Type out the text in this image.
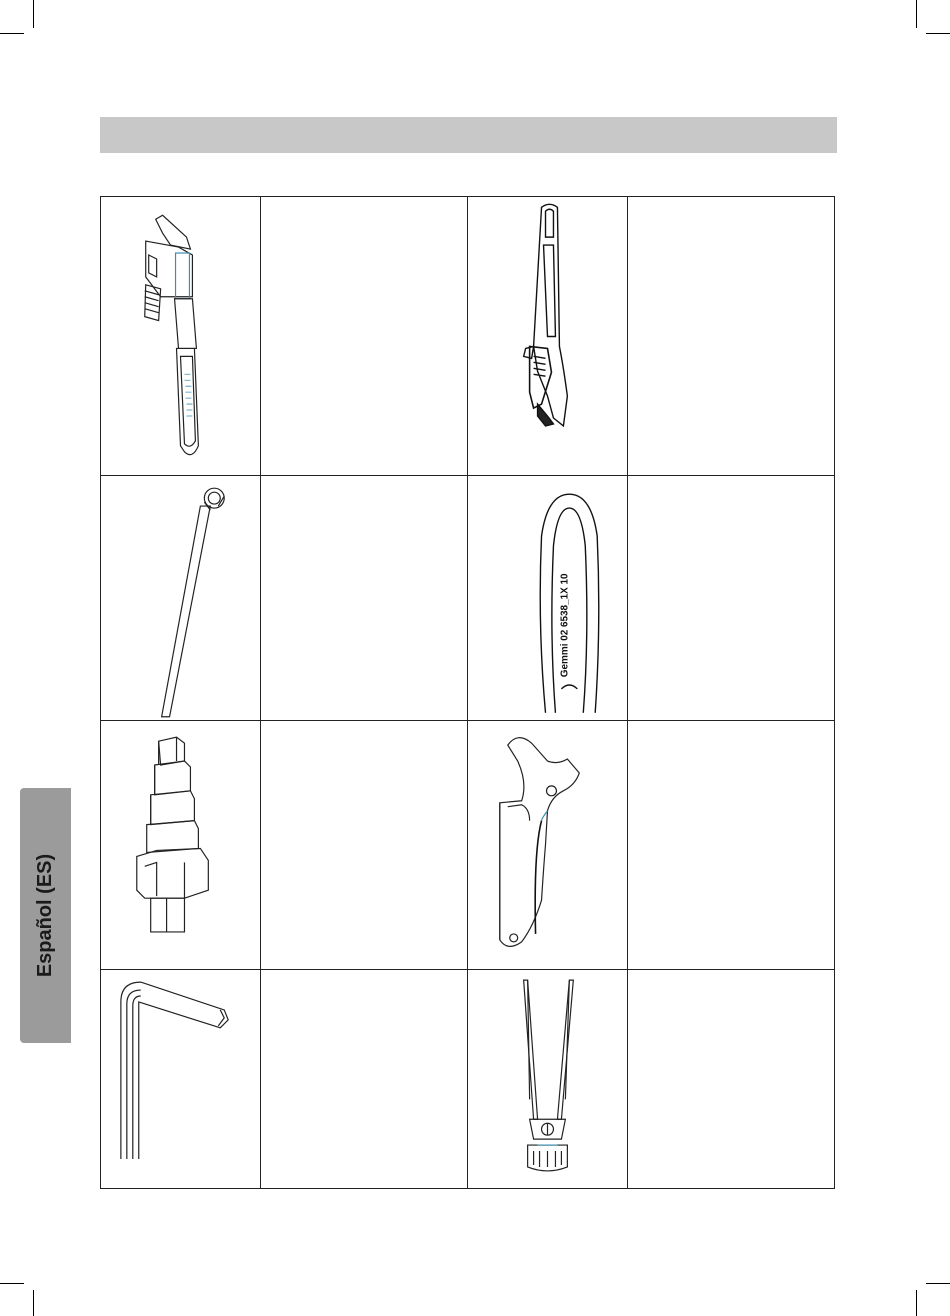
Español (ES)

Gemmi 02 6538_1X 10	
